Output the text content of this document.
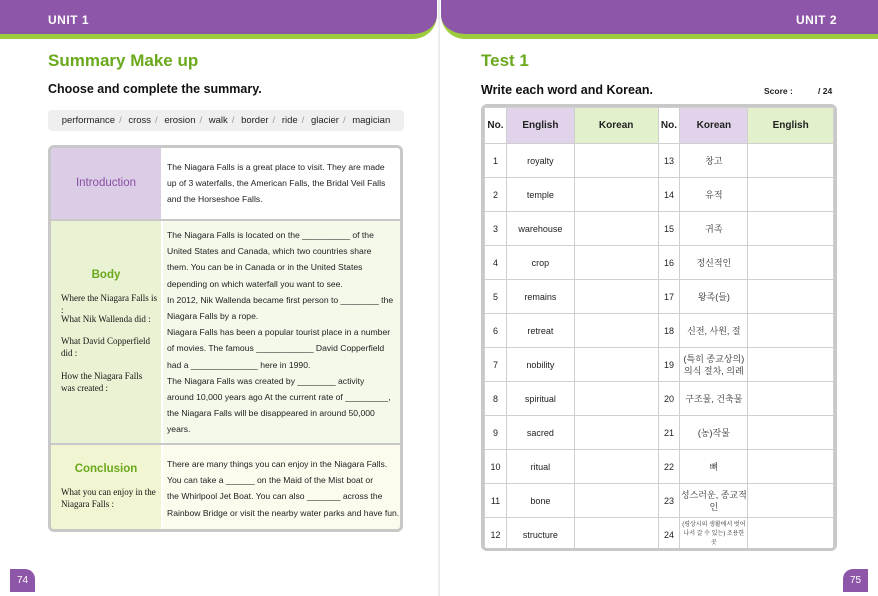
UNIT 1	UNIT 2
Summary Make up
Choose and complete the summary.
performance / cross / erosion / walk / border / ride / glacier / magician
Introduction
The Niagara Falls is a great place to visit. They are made
up of 3 waterfalls, the American Falls, the Bridal Veil Falls
and the Horseshoe Falls.
Body
Where the Niagara Falls is :
What Nik Wallenda did :
What David Copperfield did :
How the Niagara Falls was created :
The Niagara Falls is located on the __________ of the
United States and Canada, which two countries share
them. You can be in Canada or in the United States
depending on which waterfall you want to see.
In 2012, Nik Wallenda became first person to ________ the
Niagara Falls by a rope.
Niagara Falls has been a popular tourist place in a number
of movies. The famous ____________ David Copperfield
had a ______________ here in 1990.
The Niagara Falls was created by ________ activity
around 10,000 years ago At the current rate of _________,
the Niagara Falls will be disappeared in around 50,000
years.
Conclusion
What you can enjoy in the Niagara Falls :
There are many things you can enjoy in the Niagara Falls.
You can take a ______ on the Maid of the Mist boat or
the Whirlpool Jet Boat. You can also _______ across the
Rainbow Bridge or visit the nearby water parks and have fun.
74
Test 1
Write each word and Korean.	Score :	/ 24
No.	English	Korean	No.	Korean	English
1	royalty		13	창고	
2	temple		14	유적	
3	warehouse		15	귀족	
4	crop		16	정신적인	
5	remains		17	왕족(들)	
6	retreat		18	신전, 사원, 절	
7	nobility		19	(특히 종교상의) 의식 절차, 의례	
8	spiritual		20	구조물, 건축물	
9	sacred		21	(농)작물	
10	ritual		22	뼈	
11	bone		23	성스러운, 종교적인	
12	structure		24	(평상시의 생활에서 벗어나서 갈 수 있는) 조용한 곳	
75
